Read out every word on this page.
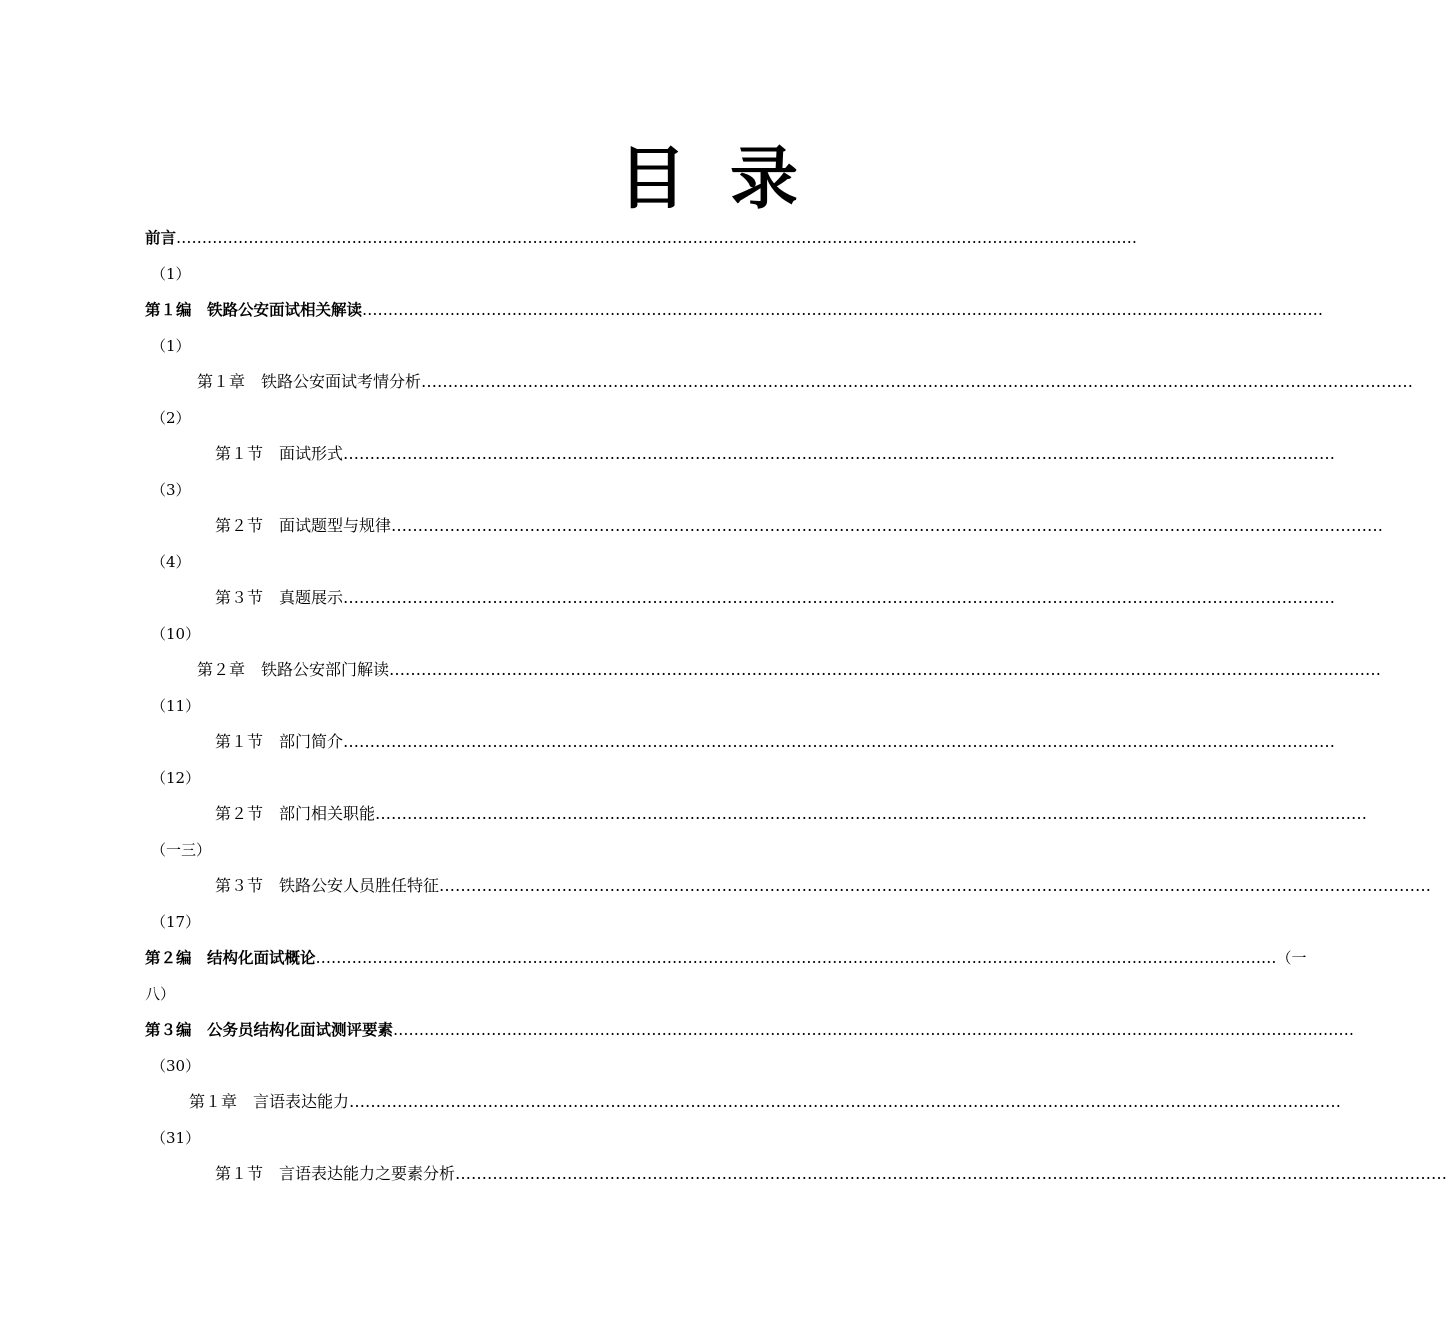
目 录
前言 ……………………………………………………………………………………………………………………………………………………………………
（1）
第１编　铁路公安面试相关解读 ……………………………………………………………………………………………………………………………………………………………………
（1）
第１章　铁路公安面试考情分析 ……………………………………………………………………………………………………………………………………………………………………
（2）
第１节　面试形式 ……………………………………………………………………………………………………………………………………………………………………
（3）
第２节　面试题型与规律 ……………………………………………………………………………………………………………………………………………………………………
（4）
第３节　真题展示 ……………………………………………………………………………………………………………………………………………………………………
（10）
第２章　铁路公安部门解读 ……………………………………………………………………………………………………………………………………………………………………
（11）
第１节　部门简介 ……………………………………………………………………………………………………………………………………………………………………
（12）
第２节　部门相关职能 ……………………………………………………………………………………………………………………………………………………………………
（一三）
第３节　铁路公安人员胜任特征 ……………………………………………………………………………………………………………………………………………………………………
（17）
第２编　结构化面试概论 …………………………………………………………………………………………………………………………………………………………………… （一
八）
第３编　公务员结构化面试测评要素 ……………………………………………………………………………………………………………………………………………………………………
（30）
第１章　言语表达能力 ……………………………………………………………………………………………………………………………………………………………………
（31）
第１节　言语表达能力之要素分析 ……………………………………………………………………………………………………………………………………………………………………
